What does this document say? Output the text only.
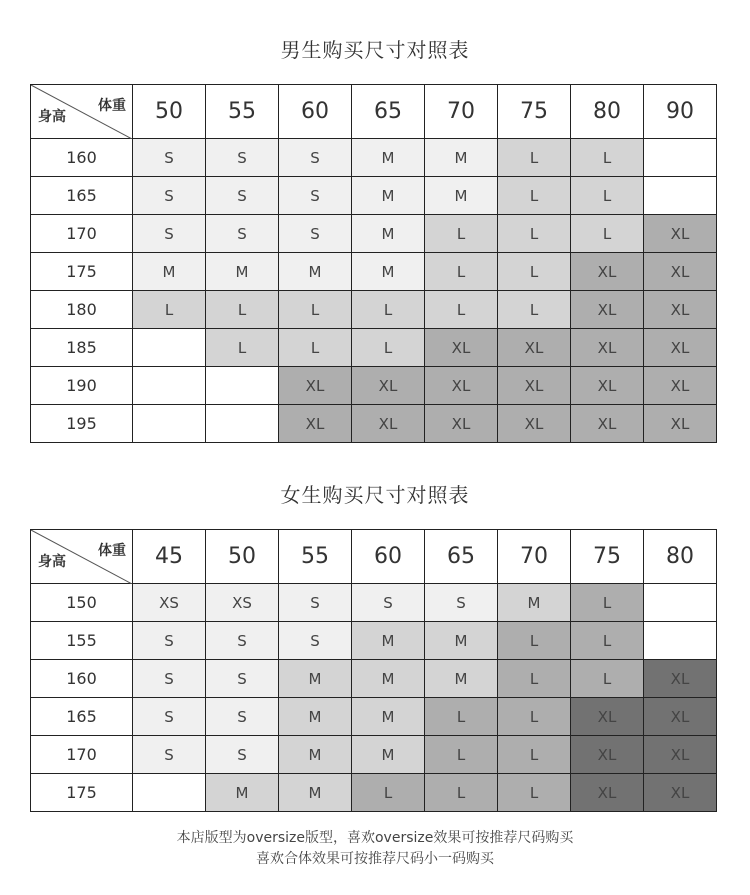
男生购买尺寸对照表
体重
身高	50	55	60	65	70	75	80	90
160	S	S	S	M	M	L	L	
165	S	S	S	M	M	L	L	
170	S	S	S	M	L	L	L	XL
175	M	M	M	M	L	L	XL	XL
180	L	L	L	L	L	L	XL	XL
185		L	L	L	XL	XL	XL	XL
190			XL	XL	XL	XL	XL	XL
195			XL	XL	XL	XL	XL	XL
女生购买尺寸对照表
体重
身高	45	50	55	60	65	70	75	80
150	XS	XS	S	S	S	M	L	
155	S	S	S	M	M	L	L	
160	S	S	M	M	M	L	L	XL
165	S	S	M	M	L	L	XL	XL
170	S	S	M	M	L	L	XL	XL
175		M	M	L	L	L	XL	XL
本店版型为oversize版型，喜欢oversize效果可按推荐尺码购买
喜欢合体效果可按推荐尺码小一码购买
